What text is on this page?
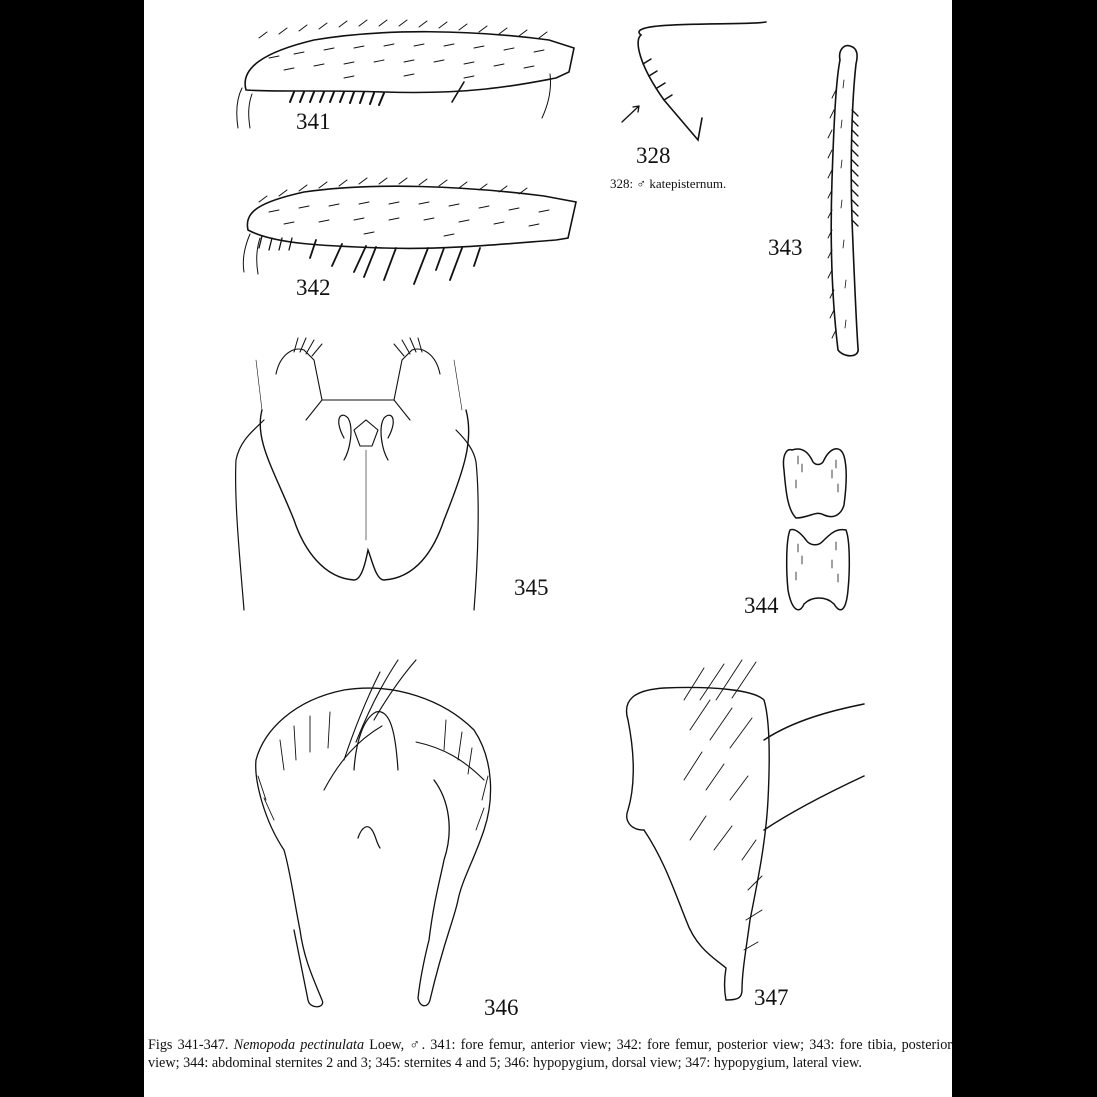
341
342
328
328: ♂ katepisternum.
343
345
344
346	347
Figs 341-347. Nemopoda pectinulata Loew, ♂. 341: fore femur, anterior view; 342: fore femur, posterior view; 343: fore tibia, posterior view; 344: abdominal sternites 2 and 3; 345: sternites 4 and 5; 346: hypopygium, dorsal view; 347: hypopygium, lateral view.
